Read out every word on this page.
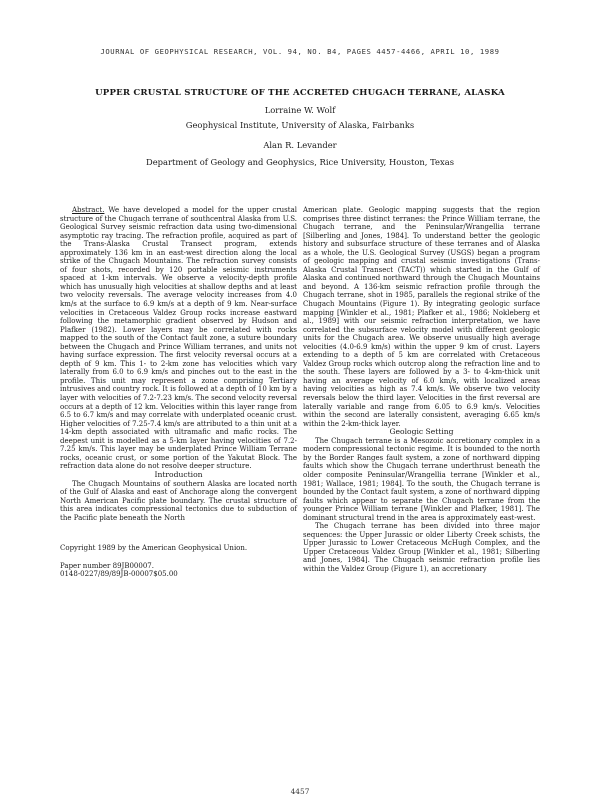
JOURNAL OF GEOPHYSICAL RESEARCH, VOL. 94, NO. B4, PAGES 4457-4466, APRIL 10, 1989
UPPER CRUSTAL STRUCTURE OF THE ACCRETED CHUGACH TERRANE, ALASKA
Lorraine W. Wolf
Geophysical Institute, University of Alaska, Fairbanks
Alan R. Levander
Department of Geology and Geophysics, Rice University, Houston, Texas

Abstract. We have developed a model for the upper crustal structure of the Chugach terrane of southcentral Alaska from U.S. Geological Survey seismic refraction data using two-dimensional asymptotic ray tracing. The refraction profile, acquired as part of the Trans-Alaska Crustal Transect program, extends approximately 136 km in an east-west direction along the local strike of the Chugach Mountains. The refraction survey consists of four shots, recorded by 120 portable seismic instruments spaced at 1-km intervals. We observe a velocity-depth profile which has unusually high velocities at shallow depths and at least two velocity reversals. The average velocity increases from 4.0 km/s at the surface to 6.9 km/s at a depth of 9 km. Near-surface velocities in Cretaceous Valdez Group rocks increase eastward following the metamorphic gradient observed by Hudson and Plafker (1982). Lower layers may be correlated with rocks mapped to the south of the Contact fault zone, a suture boundary between the Chugach and Prince William terranes, and units not having surface expression. The first velocity reversal occurs at a depth of 9 km. This 1- to 2-km zone has velocities which vary laterally from 6.0 to 6.9 km/s and pinches out to the east in the profile. This unit may represent a zone comprising Tertiary intrusives and country rock. It is followed at a depth of 10 km by a layer with velocities of 7.2-7.23 km/s. The second velocity reversal occurs at a depth of 12 km. Velocities within this layer range from 6.5 to 6.7 km/s and may correlate with underplated oceanic crust. Higher velocities of 7.25-7.4 km/s are attributed to a thin unit at a 14-km depth associated with ultramafic and mafic rocks. The deepest unit is modelled as a 5-km layer having velocities of 7.2-7.25 km/s. This layer may be underplated Prince William Terrane rocks, oceanic crust, or some portion of the Yakutat Block. The refraction data alone do not resolve deeper structure.

Introduction

The Chugach Mountains of southern Alaska are located north of the Gulf of Alaska and east of Anchorage along the convergent North American Pacific plate boundary. The crustal structure of this area indicates compressional tectonics due to subduction of the Pacific plate beneath the North

Copyright 1989 by the American Geophysical Union.

Paper number 89JB00007.

0148-0227/89/89JB-00007$05.00

American plate. Geologic mapping suggests that the region comprises three distinct terranes: the Prince William terrane, the Chugach terrane, and the Peninsular/Wrangellia terrane [Silberling and Jones, 1984]. To understand better the geologic history and subsurface structure of these terranes and of Alaska as a whole, the U.S. Geological Survey (USGS) began a program of geologic mapping and crustal seismic investigations (Trans-Alaska Crustal Transect (TACT)) which started in the Gulf of Alaska and continued northward through the Chugach Mountains and beyond. A 136-km seismic refraction profile through the Chugach terrane, shot in 1985, parallels the regional strike of the Chugach Mountains (Figure 1). By integrating geologic surface mapping [Winkler et al., 1981; Plafker et al., 1986; Nokleberg et al., 1989] with our seismic refraction interpretation, we have correlated the subsurface velocity model with different geologic units for the Chugach area. We observe unusually high average velocities (4.0-6.9 km/s) within the upper 9 km of crust. Layers extending to a depth of 5 km are correlated with Cretaceous Valdez Group rocks which outcrop along the refraction line and to the south. These layers are followed by a 3- to 4-km-thick unit having an average velocity of 6.0 km/s, with localized areas having velocities as high as 7.4 km/s. We observe two velocity reversals below the third layer. Velocities in the first reversal are laterally variable and range from 6.05 to 6.9 km/s. Velocities within the second are laterally consistent, averaging 6.65 km/s within the 2-km-thick layer.

Geologic Setting

The Chugach terrane is a Mesozoic accretionary complex in a modern compressional tectonic regime. It is bounded to the north by the Border Ranges fault system, a zone of northward dipping faults which show the Chugach terrane underthrust beneath the older composite Peninsular/Wrangellia terrane [Winkler et al., 1981; Wallace, 1981; 1984]. To the south, the Chugach terrane is bounded by the Contact fault system, a zone of northward dipping faults which appear to separate the Chugach terrane from the younger Prince William terrane [Winkler and Plafker, 1981]. The dominant structural trend in the area is approximately east-west.

The Chugach terrane has been divided into three major sequences: the Upper Jurassic or older Liberty Creek schists, the Upper Jurassic to Lower Cretaceous McHugh Complex, and the Upper Cretaceous Valdez Group [Winkler et al., 1981; Silberling and Jones, 1984]. The Chugach seismic refraction profile lies within the Valdez Group (Figure 1), an accretionary

4457
